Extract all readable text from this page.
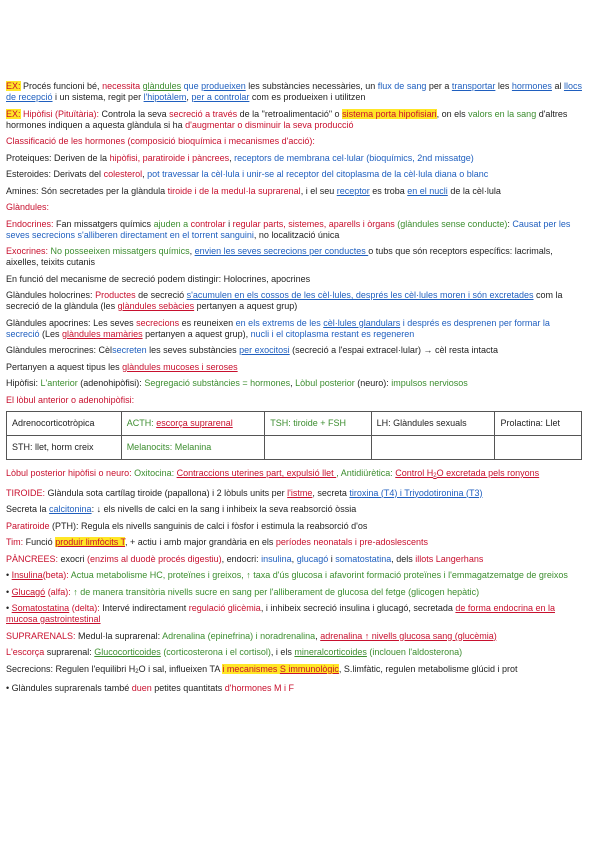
EX: Procés funcioni bé, necessita glàndules que produeixen les substàncies necessàries, un flux de sang per a transportar les hormones al llocs de recepció i un sistema, regit per l'hipotàlem, per a controlar com es produeixen i utilitzen
EX: Hipòfisi (Pituïtària): Controla la seva secreció a través de la "retroalimentació" o sistema porta hipofisiari, on els valors en la sang d'altres hormones indiquen a aquesta glàndula si ha d'augmentar o disminuir la seva producció
Classificació de les hormones (composició bioquímica i mecanismes d'acció):
Proteiques: Deriven de la hipòfisi, paratiroide i pàncrees, receptors de membrana cel·lular (bioquímics, 2nd missatge)
Esteroides: Derivats del colesterol, pot travessar la cèl·lula i unir-se al receptor del citoplasma de la cèl·lula diana o blanc
Amines: Són secretades per la glàndula tiroide i de la medul·la suprarenal, i el seu receptor es troba en el nucli de la cèl·lula
Glàndules:
Endocrines: Fan missatgers químics ajuden a controlar i regular parts, sistemes, aparells i òrgans (glàndules sense conducte): Causat per les seves secrecions s'alliberen directament en el torrent sanguini, no localització única
Exocrines: No posseeixen missatgers químics, envien les seves secrecions per conductes o tubs que són receptors específics: lacrimals, aixelles, teixits cutanis
En funció del mecanisme de secreció podem distingir: Holocrines, apocrines
Glàndules holocrines: Productes de secreció s'acumulen en els cossos de les cèl·lules, després les cèl·lules moren i són excretades com la secreció de la glàndula (les glàndules sebàcies pertanyen a aquest grup)
Glàndules apocrines: Les seves secrecions es reuneixen en els extrems de les cèl·lules glandulars i després es desprenen per formar la secreció (Les glàndules mamàries pertanyen a aquest grup), nucli i el citoplasma restant es regeneren
Glàndules merocrines: Cèlsecreten les seves substàncies per exocitosi (secreció a l'espai extracel·lular) → cèl resta intacta
Pertanyen a aquest tipus les glàndules mucoses i seroses
Hipòfisi: L'anterior (adenohipòfisi): Segregació substàncies = hormones, Lòbul posterior (neuro): impulsos nerviosos
El lòbul anterior o adenohipòfisi:
Adrenocorticotròpica	ACTH: escorça suprarenal	TSH: tiroide + FSH	LH: Glàndules sexuals	Prolactina: Llet
STH: llet, horm creix	Melanocits: Melanina			
Lòbul posterior hipòfisi o neuro: Oxitocina: Contraccions uterines part, expulsió llet , Antidiürètica: Control $H_2O$ excretada pels ronyons
TIROIDE: Glàndula sota cartílag tiroide (papallona) i 2 lòbuls units per l'istme, secreta tiroxina (T4) i Triyodotironina (T3)
Secreta la calcitonina: ↓ els nivells de calci en la sang i inhibeix la seva reabsorció òssia
Paratiroide (PTH): Regula els nivells sanguinis de calci i fòsfor i estimula la reabsorció d'os
Tim: Funció produir limfòcits T, + actiu i amb major grandària en els períodes neonatals i pre-adoslescents
PÀNCREES: exocri (enzims al duodè procés digestiu), endocri: insulina, glucagó i somatostatina, dels illots Langerhans
• Insulina(beta): Actua metabolisme HC, proteïnes i greixos, ↑ taxa d'ús glucosa i afavorint formació proteïnes i l'emmagatzematge de greixos
• Glucagó (alfa): ↑ de manera transitòria nivells sucre en sang per l'alliberament de glucosa del fetge (glicogen hepàtic)
• Somatostatina (delta): Intervé indirectament regulació glicèmia, i inhibeix secreció insulina i glucagó, secretada de forma endocrina en la mucosa gastrointestinal
SUPRARENALS: Medul·la suprarenal: Adrenalina (epinefrina) i noradrenalina, adrenalina ↑ nivells glucosa sang (glucèmia)
L'escorça suprarenal: Glucocorticoides (corticosterona i el cortisol), i els mineralcorticoides (inclouen l'aldosterona)
Secrecions: Regulen l'equilibri $H_2O$ i sal, influeixen TA i mecanismes S immunològic, S.limfàtic, regulen metabolisme glúcid i prot
• Glàndules suprarenals també duen petites quantitats d'hormones M i F
